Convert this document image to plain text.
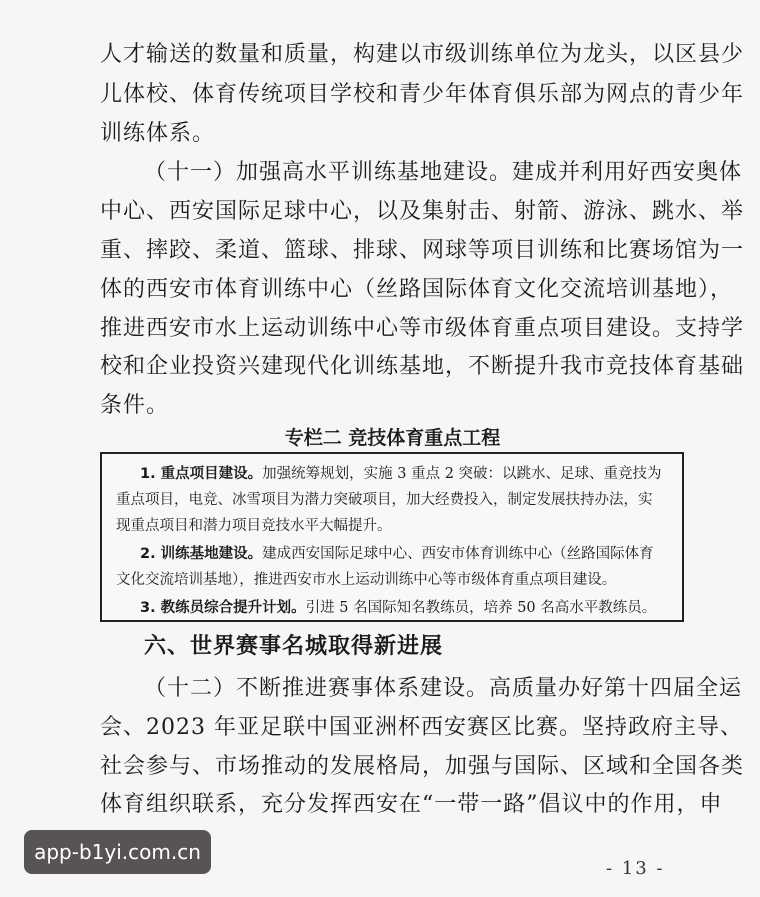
人才输送的数量和质量，构建以市级训练单位为龙头，以区县少
儿体校、体育传统项目学校和青少年体育俱乐部为网点的青少年
训练体系。
（十一）加强高水平训练基地建设。建成并利用好西安奥体
中心、西安国际足球中心，以及集射击、射箭、游泳、跳水、举
重、摔跤、柔道、篮球、排球、网球等项目训练和比赛场馆为一
体的西安市体育训练中心（丝路国际体育文化交流培训基地），
推进西安市水上运动训练中心等市级体育重点项目建设。支持学
校和企业投资兴建现代化训练基地，不断提升我市竞技体育基础
条件。
专栏二 竞技体育重点工程
1. 重点项目建设。加强统筹规划，实施 3 重点 2 突破：以跳水、足球、重竞技为
重点项目，电竞、冰雪项目为潜力突破项目，加大经费投入，制定发展扶持办法，实
现重点项目和潜力项目竞技水平大幅提升。
2. 训练基地建设。建成西安国际足球中心、西安市体育训练中心（丝路国际体育
文化交流培训基地），推进西安市水上运动训练中心等市级体育重点项目建设。
3. 教练员综合提升计划。引进 5 名国际知名教练员，培养 50 名高水平教练员。
六、世界赛事名城取得新进展
（十二）不断推进赛事体系建设。高质量办好第十四届全运
会、2023 年亚足联中国亚洲杯西安赛区比赛。坚持政府主导、
社会参与、市场推动的发展格局，加强与国际、区域和全国各类
体育组织联系，充分发挥西安在“一带一路”倡议中的作用，申
app-b1yi.com.cn
- 13 -
